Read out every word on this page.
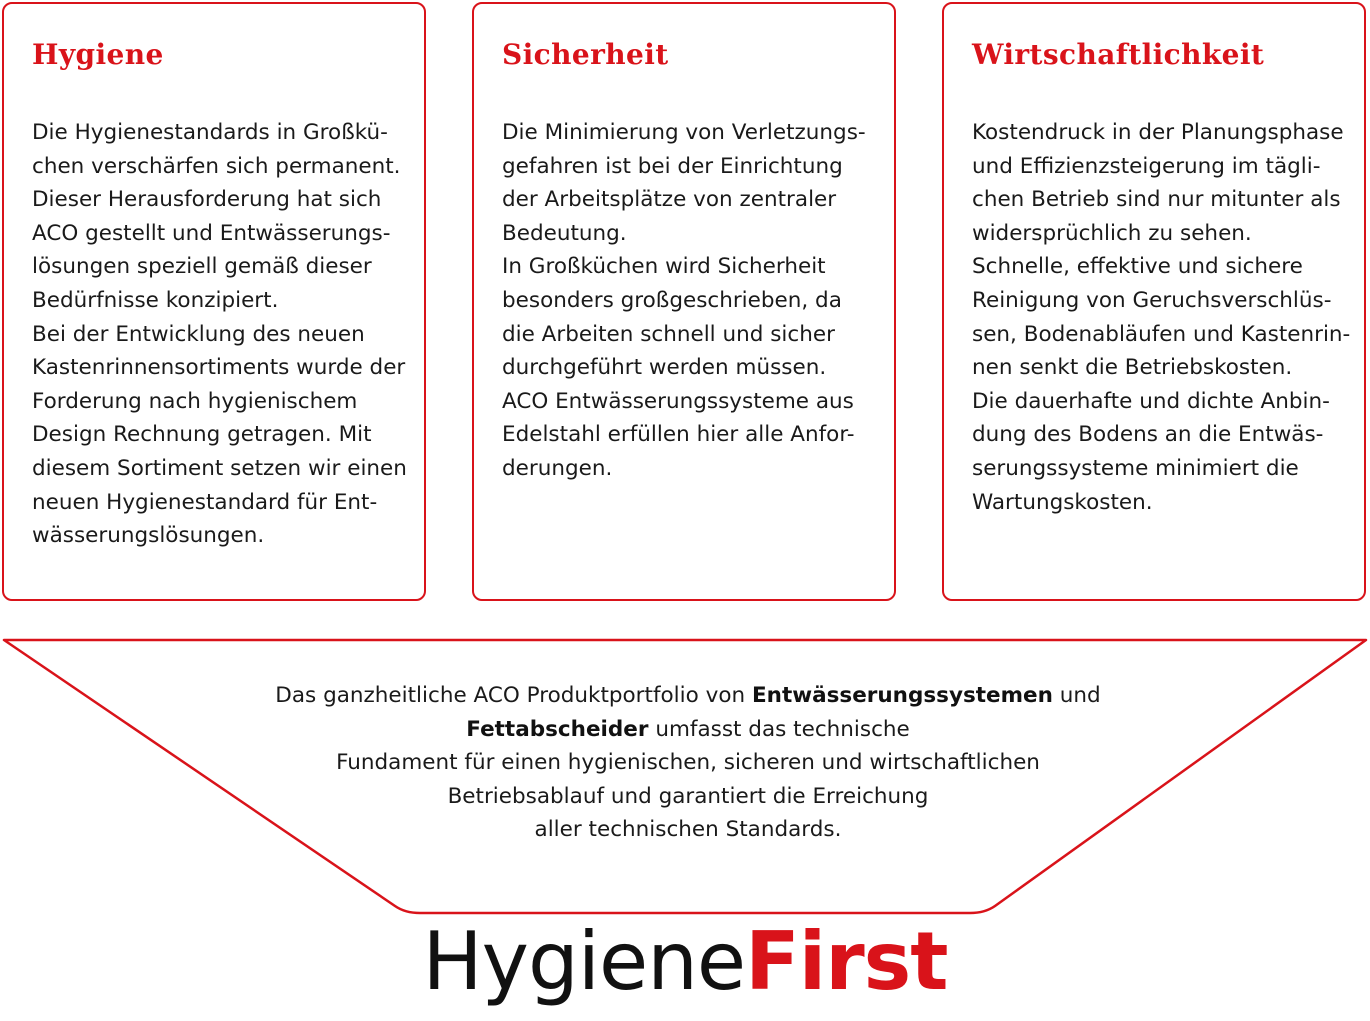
Hygiene

Die Hygienestandards in Großkü-
chen verschärfen sich permanent.
Dieser Herausforderung hat sich
ACO gestellt und Entwässerungs-
lösungen speziell gemäß dieser
Bedürfnisse konzipiert.
Bei der Entwicklung des neuen
Kastenrinnensortiments wurde der
Forderung nach hygienischem
Design Rechnung getragen. Mit
diesem Sortiment setzen wir einen
neuen Hygienestandard für Ent-
wässerungslösungen.

Sicherheit

Die Minimierung von Verletzungs-
gefahren ist bei der Einrichtung
der Arbeitsplätze von zentraler
Bedeutung.
In Großküchen wird Sicherheit
besonders großgeschrieben, da
die Arbeiten schnell und sicher
durchgeführt werden müssen.
ACO Entwässerungssysteme aus
Edelstahl erfüllen hier alle Anfor-
derungen.

Wirtschaftlichkeit

Kostendruck in der Planungsphase
und Effizienzsteigerung im tägli-
chen Betrieb sind nur mitunter als
widersprüchlich zu sehen.
Schnelle, effektive und sichere
Reinigung von Geruchsverschlüs-
sen, Bodenabläufen und Kastenrin-
nen senkt die Betriebskosten.
Die dauerhafte und dichte Anbin-
dung des Bodens an die Entwäs-
serungssysteme minimiert die
Wartungskosten.

Das ganzheitliche ACO Produktportfolio von Entwässerungssystemen und
Fettabscheider umfasst das technische
Fundament für einen hygienischen, sicheren und wirtschaftlichen
Betriebsablauf und garantiert die Erreichung
aller technischen Standards.

HygieneFirst
